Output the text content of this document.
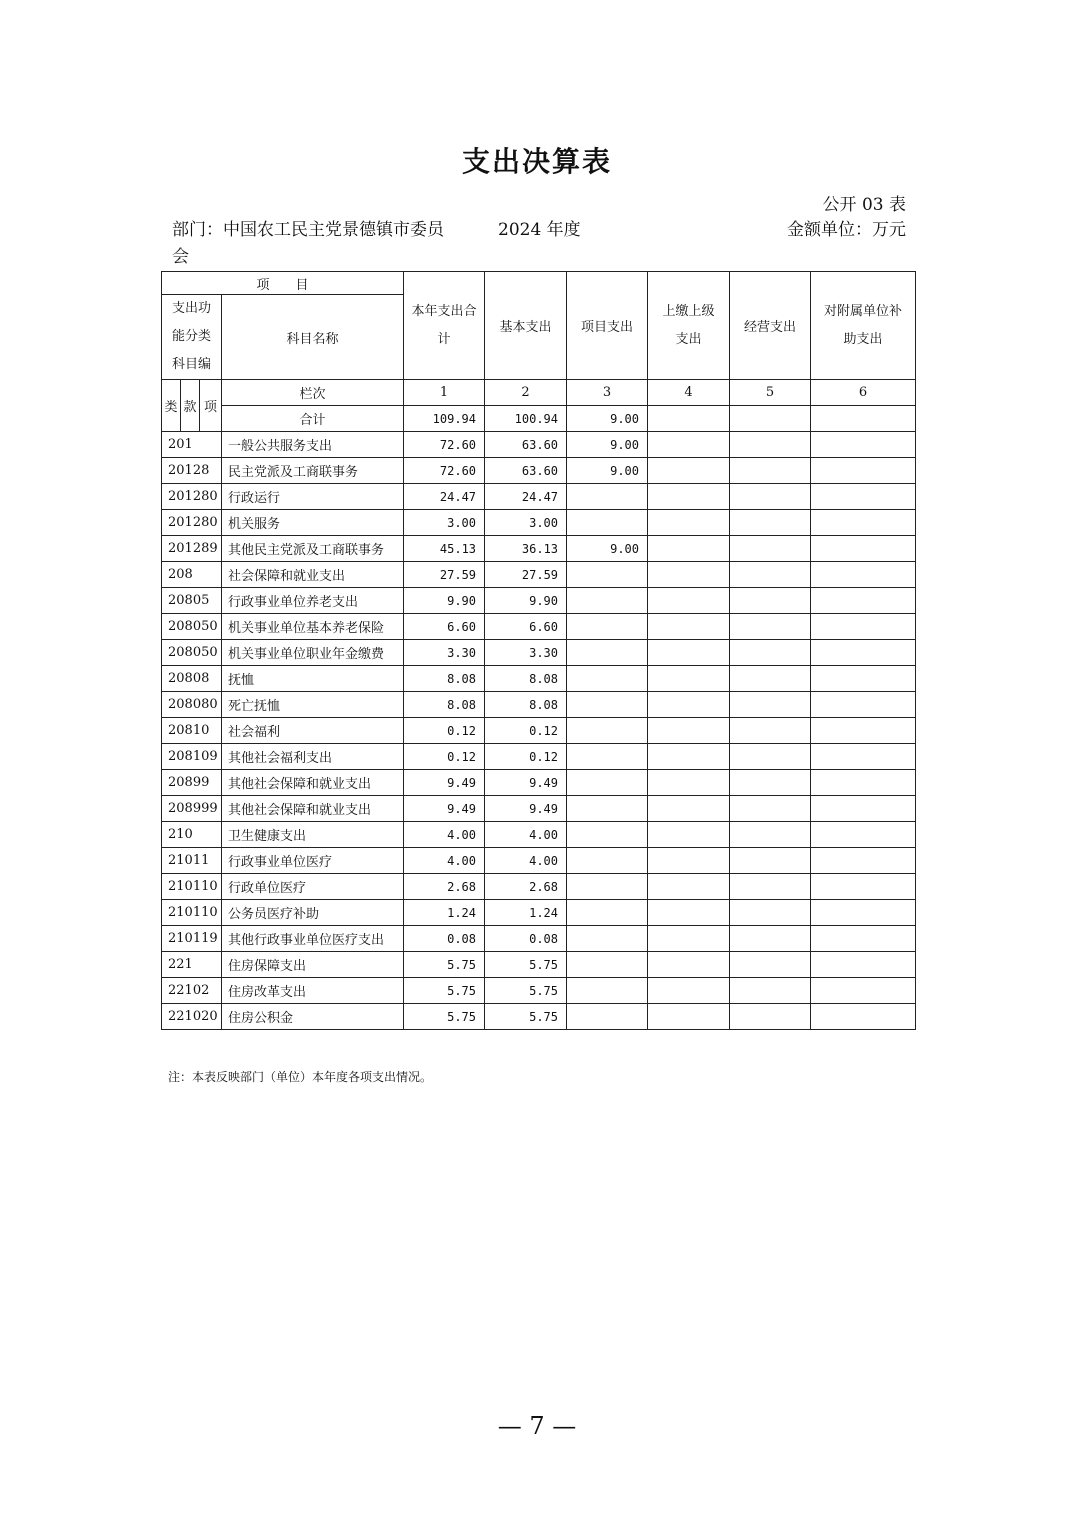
支出决算表
公开 03 表
部门：中国农工民主党景德镇市委员会
2024 年度	金额单位：万元
项　　目	本年支出合计	基本支出	项目支出	上缴上级支出	经营支出	对附属单位补助支出
支出功能分类科目编	科目名称

类	款	项
	栏次	1	2	3	4	5	6
合计	109.94	100.94	9.00			
201	一般公共服务支出	72.60	63.60	9.00			
20128	民主党派及工商联事务	72.60	63.60	9.00			
201280	行政运行	24.47	24.47				
201280	机关服务	3.00	3.00				
201289	其他民主党派及工商联事务	45.13	36.13	9.00			
208	社会保障和就业支出	27.59	27.59				
20805	行政事业单位养老支出	9.90	9.90				
208050	机关事业单位基本养老保险	6.60	6.60				
208050	机关事业单位职业年金缴费	3.30	3.30				
20808	抚恤	8.08	8.08				
208080	死亡抚恤	8.08	8.08				
20810	社会福利	0.12	0.12				
208109	其他社会福利支出	0.12	0.12				
20899	其他社会保障和就业支出	9.49	9.49				
208999	其他社会保障和就业支出	9.49	9.49				
210	卫生健康支出	4.00	4.00				
21011	行政事业单位医疗	4.00	4.00				
210110	行政单位医疗	2.68	2.68				
210110	公务员医疗补助	1.24	1.24				
210119	其他行政事业单位医疗支出	0.08	0.08				
221	住房保障支出	5.75	5.75				
22102	住房改革支出	5.75	5.75				
221020	住房公积金	5.75	5.75				
注：本表反映部门（单位）本年度各项支出情况。
— 7 —
